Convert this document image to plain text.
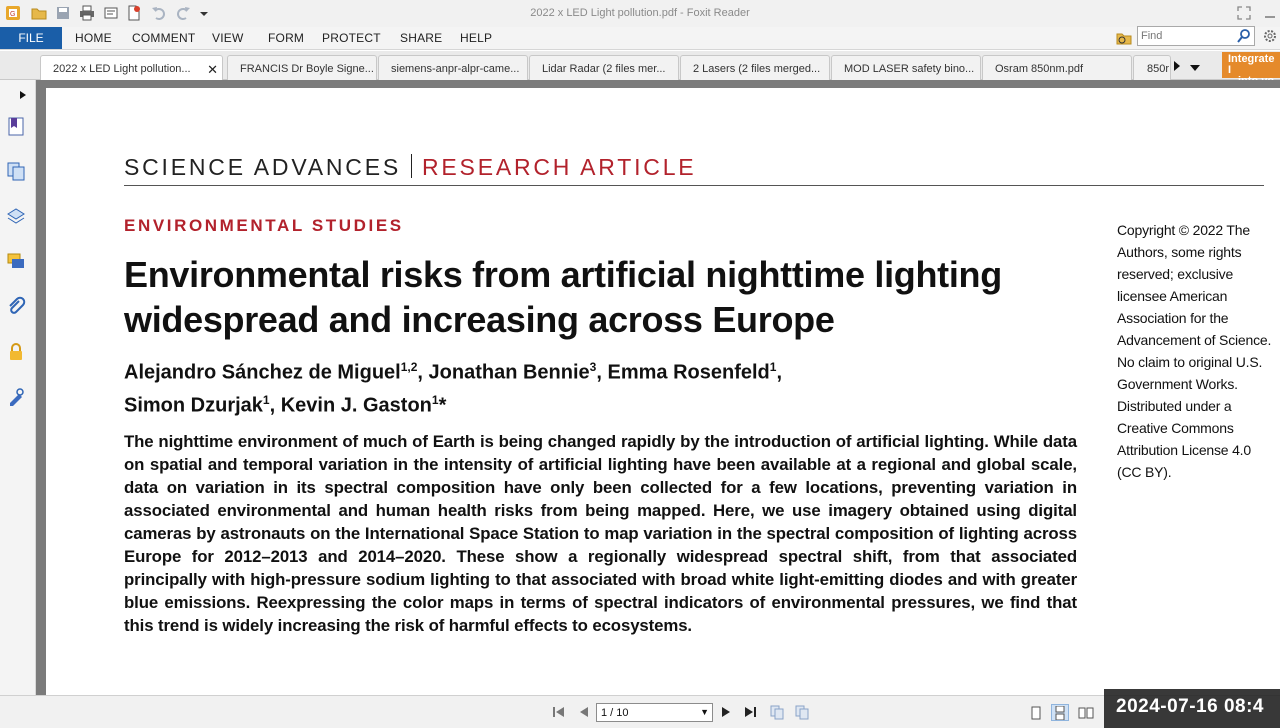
G	2022 x LED Light pollution.pdf - Foxit Reader
FILE	HOME COMMENT VIEW FORM PROTECT SHARE HELP
Find
2022 x LED Light pollution... ✕	FRANCIS Dr Boyle Signe...	siemens-anpr-alpr-came...	Lidar Radar (2 files mer...	2 Lasers (2 files merged...	MOD LASER safety bino...	Osram 850nm.pdf	850r
Integrate I
SCIENCE ADVANCES RESEARCH ARTICLE
ENVIRONMENTAL STUDIES
Environmental risks from artificial nighttime lighting
widespread and increasing across Europe
Alejandro Sánchez de Miguel$^{1,2}$, Jonathan Bennie$^3$, Emma Rosenfeld$^1$,
Simon Dzurjak$^1$, Kevin J. Gaston$^1$*
The nighttime environment of much of Earth is being changed rapidly by the introduction of artificial lighting. While data on spatial and temporal variation in the intensity of artificial lighting have been available at a regional and global scale, data on variation in its spectral composition have only been collected for a few locations, preventing variation in associated environmental and human health risks from being mapped. Here, we use imagery obtained using digital cameras by astronauts on the International Space Station to map variation in the spectral composition of lighting across Europe for 2012–2013 and 2014–2020. These show a regionally widespread spectral shift, from that associated principally with high-pressure sodium lighting to that associated with broad white light-emitting diodes and with greater blue emissions. Reexpressing the color maps in terms of spectral indicators of environmental pressures, we find that this trend is widely increasing the risk of harmful effects to ecosystems.
Copyright © 2022 The Authors, some rights reserved; exclusive licensee American Association for the Advancement of Science. No claim to original U.S. Government Works. Distributed under a Creative Commons Attribution License 4.0 (CC BY).
1 / 10	▼	2024-07-16 08:4
